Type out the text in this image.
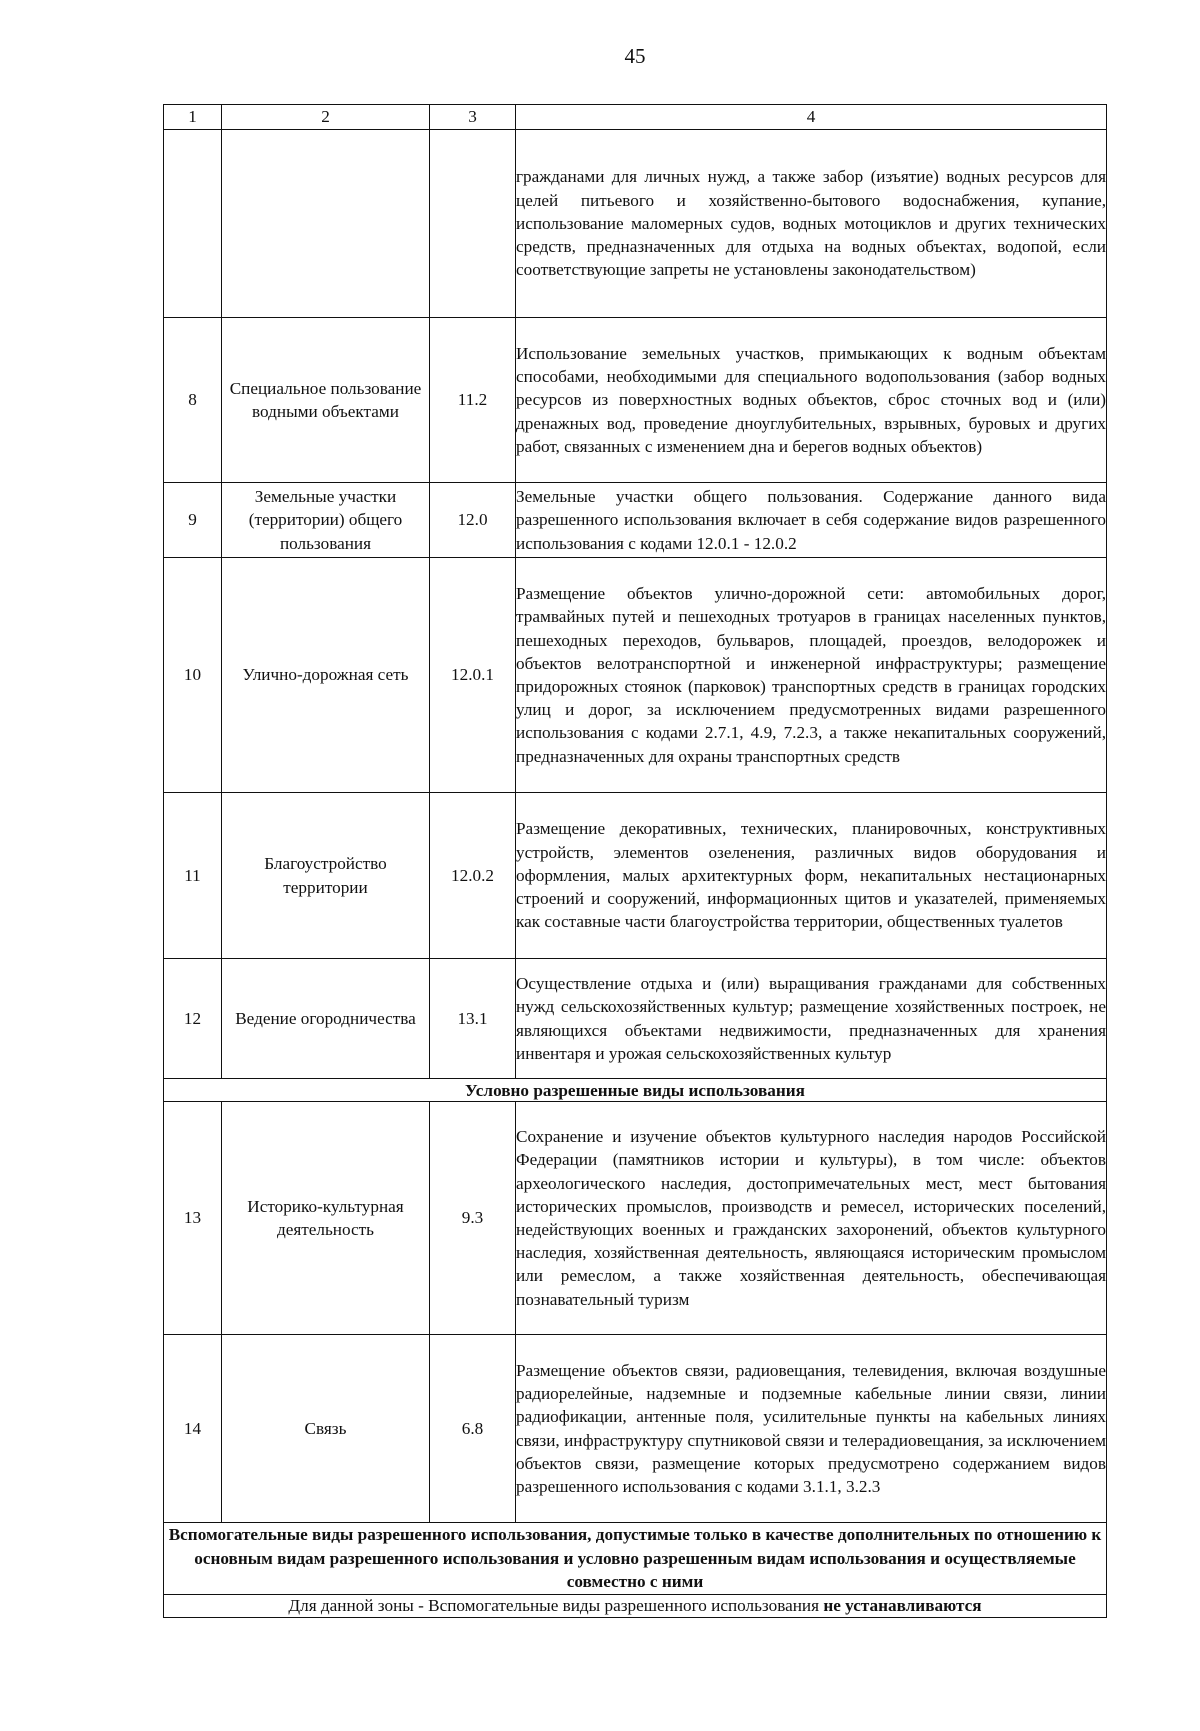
45
1	2	3	4
			гражданами для личных нужд, а также забор (изъятие) водных ресурсов для целей питьевого и хозяйственно-бытового водоснабжения, купание, использование маломерных судов, водных мотоциклов и других технических средств, предназначенных для отдыха на водных объектах, водопой, если соответствующие запреты не установлены законодательством)
8	Специальное пользование водными объектами	11.2	Использование земельных участков, примыкающих к водным объектам способами, необходимыми для специального водопользования (забор водных ресурсов из поверхностных водных объектов, сброс сточных вод и (или) дренажных вод, проведение дноуглубительных, взрывных, буровых и других работ, связанных с изменением дна и берегов водных объектов)
9	Земельные участки (территории) общего пользования	12.0	Земельные участки общего пользования. Содержание данного вида разрешенного использования включает в себя содержание видов разрешенного использования с кодами 12.0.1 - 12.0.2
10	Улично-дорожная сеть	12.0.1	Размещение объектов улично-дорожной сети: автомобильных дорог, трамвайных путей и пешеходных тротуаров в границах населенных пунктов, пешеходных переходов, бульваров, площадей, проездов, велодорожек и объектов велотранспортной и инженерной инфраструктуры; размещение придорожных стоянок (парковок) транспортных средств в границах городских улиц и дорог, за исключением предусмотренных видами разрешенного использования с кодами 2.7.1, 4.9, 7.2.3, а также некапитальных сооружений, предназначенных для охраны транспортных средств
11	Благоустройство территории	12.0.2	Размещение декоративных, технических, планировочных, конструктивных устройств, элементов озеленения, различных видов оборудования и оформления, малых архитектурных форм, некапитальных нестационарных строений и сооружений, информационных щитов и указателей, применяемых как составные части благоустройства территории, общественных туалетов
12	Ведение огородничества	13.1	Осуществление отдыха и (или) выращивания гражданами для собственных нужд сельскохозяйственных культур; размещение хозяйственных построек, не являющихся объектами недвижимости, предназначенных для хранения инвентаря и урожая сельскохозяйственных культур
Условно разрешенные виды использования			
13	Историко-культурная деятельность	9.3	Сохранение и изучение объектов культурного наследия народов Российской Федерации (памятников истории и культуры), в том числе: объектов археологического наследия, достопримечательных мест, мест бытования исторических промыслов, производств и ремесел, исторических поселений, недействующих военных и гражданских захоронений, объектов культурного наследия, хозяйственная деятельность, являющаяся историческим промыслом или ремеслом, а также хозяйственная деятельность, обеспечивающая познавательный туризм
14	Связь	6.8	Размещение объектов связи, радиовещания, телевидения, включая воздушные радиорелейные, надземные и подземные кабельные линии связи, линии радиофикации, антенные поля, усилительные пункты на кабельных линиях связи, инфраструктуру спутниковой связи и телерадиовещания, за исключением объектов связи, размещение которых предусмотрено содержанием видов разрешенного использования с кодами 3.1.1, 3.2.3
Вспомогательные виды разрешенного использования, допустимые только в качестве дополнительных по отношению к основным видам разрешенного использования и условно разрешенным видам использования и осуществляемые совместно с ними			
Для данной зоны - Вспомогательные виды разрешенного использования не устанавливаются			
